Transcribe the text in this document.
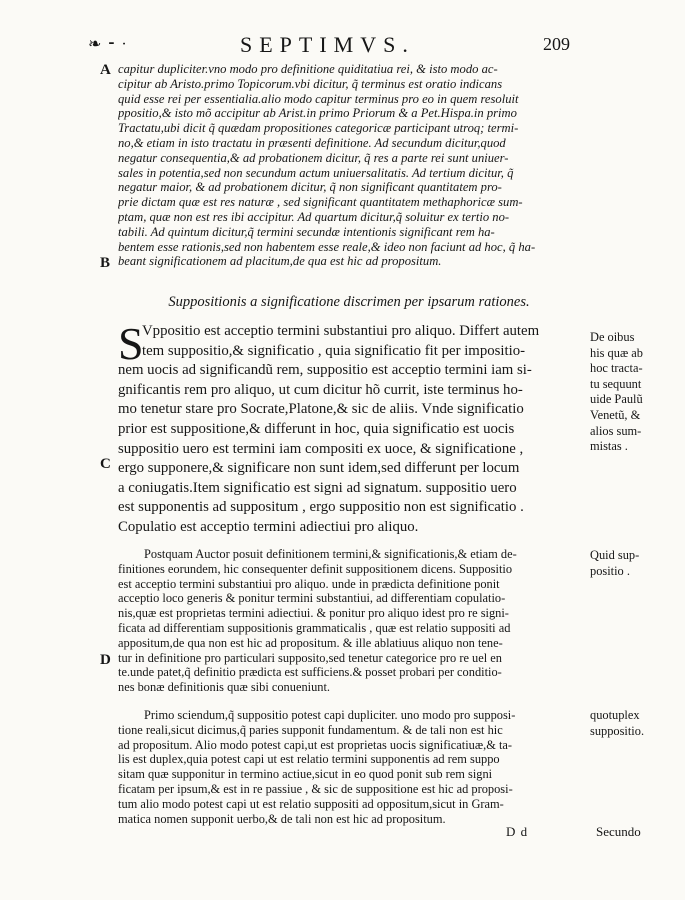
❧ ⁃ ·	SEPTIMVS.	209
A capitur dupliciter.vno modo pro definitione quiditatiua rei, & isto modo ac-
cipitur ab Aristo.primo Topicorum.vbi dicitur, q̃ terminus est oratio indicans
quid esse rei per essentialia.alio modo capitur terminus pro eo in quem resoluit
ppositio,& isto mõ accipitur ab Arist.in primo Priorum & a Pet.Hispa.in primo
Tractatu,ubi dicit q̃ quædam propositiones categoricæ participant utroq; termi-
no,& etiam in isto tractatu in præsenti definitione. Ad secundum dicitur,quod
negatur consequentia,& ad probationem dicitur, q̃ res a parte rei sunt uniuer-
sales in potentia,sed non secundum actum uniuersalitatis. Ad tertium dicitur, q̃
negatur maior, & ad probationem dicitur, q̃ non significant quantitatem pro-
prie dictam quæ est res naturæ , sed significant quantitatem methaphoricæ sum-
ptam, quæ non est res ibi accipitur. Ad quartum dicitur,q̃ soluitur ex tertio no-
tabili. Ad quintum dicitur,q̃ termini secundæ intentionis significant rem ha-
bentem esse rationis,sed non habentem esse reale,& ideo non faciunt ad hoc, q̃ ha-
beant significationem ad placitum,de qua est hic ad propositum.
B
Suppositionis a significatione discrimen per ipsarum rationes.
S
Vppositio est acceptio termini substantiui pro aliquo. Differt autem
tem suppositio,& significatio , quia significatio fit per impositio-
nem uocis ad significandũ rem, suppositio est acceptio termini iam si-
gnificantis rem pro aliquo, ut cum dicitur hõ currit, iste terminus ho-
mo tenetur stare pro Socrate,Platone,& sic de aliis. Vnde significatio
prior est suppositione,& differunt in hoc, quia significatio est uocis
suppositio uero est termini iam compositi ex uoce, & significatione ,
ergo supponere,& significare non sunt idem,sed differunt per locum
a coniugatis.Item significatio est signi ad signatum. suppositio uero
est supponentis ad suppositum , ergo suppositio non est significatio .
Copulatio est acceptio termini adiectiui pro aliquo.
C
De oibus
his quæ ab
hoc tracta-
tu sequunt
uide Paulũ
Venetũ, &
alios sum-
mistas .
Postquam Auctor posuit definitionem termini,& significationis,& etiam de-
finitiones eorundem, hic consequenter definit suppositionem dicens. Suppositio
est acceptio termini substantiui pro aliquo. unde in prædicta definitione ponit
acceptio loco generis & ponitur termini substantiui, ad differentiam copulatio-
nis,quæ est proprietas termini adiectiui. & ponitur pro aliquo idest pro re signi-
ficata ad differentiam suppositionis grammaticalis , quæ est relatio suppositi ad
appositum,de qua non est hic ad propositum. & ille ablatiuus aliquo non tene-
tur in definitione pro particulari supposito,sed tenetur categorice pro re uel en
te.unde patet,q̃ definitio prædicta est sufficiens.& posset probari per conditio-
nes bonæ definitionis quæ sibi conueniunt.
D
Quid sup-
positio .
Primo sciendum,q̃ suppositio potest capi dupliciter. uno modo pro supposi-
tione reali,sicut dicimus,q̃ paries supponit fundamentum. & de tali non est hic
ad propositum. Alio modo potest capi,ut est proprietas uocis significatiuæ,& ta-
lis est duplex,quia potest capi ut est relatio termini supponentis ad rem suppo
sitam quæ supponitur in termino actiue,sicut in eo quod ponit sub rem signi
ficatam per ipsum,& est in re passiue , & sic de suppositione est hic ad proposi-
tum alio modo potest capi ut est relatio suppositi ad oppositum,sicut in Gram-
matica nomen supponit uerbo,& de tali non est hic ad propositum.
quotuplex
suppositio.
D d	Secundo
